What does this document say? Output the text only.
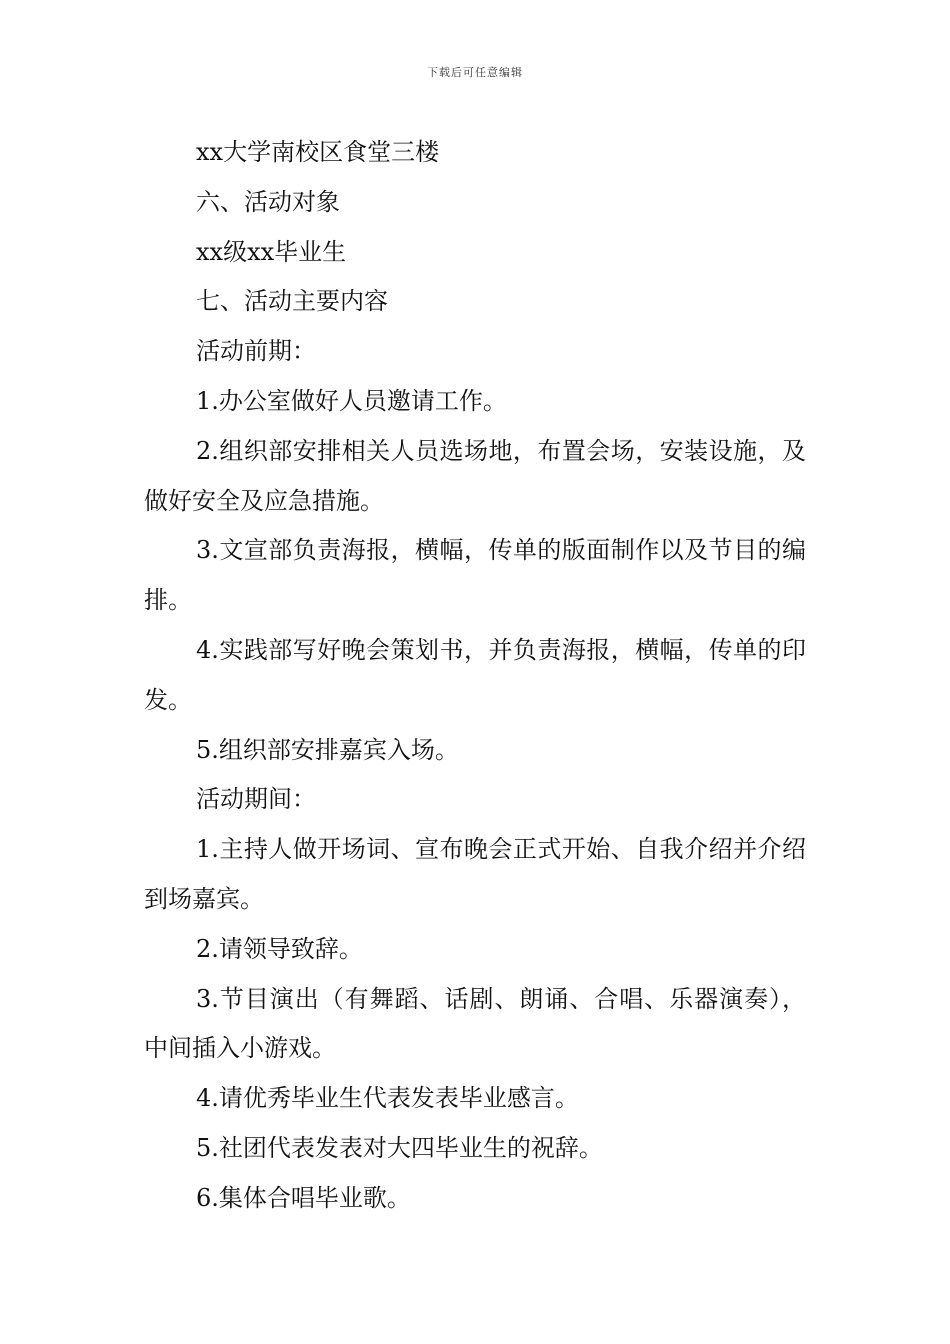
下载后可任意编辑

xx大学南校区食堂三楼

六、活动对象

xx级xx毕业生

七、活动主要内容

活动前期：

1.办公室做好人员邀请工作。

2.组织部安排相关人员选场地，布置会场，安装设施，及做好安全及应急措施。

3.文宣部负责海报，横幅，传单的版面制作以及节目的编排。

4.实践部写好晚会策划书，并负责海报，横幅，传单的印发。

5.组织部安排嘉宾入场。

活动期间：

1.主持人做开场词、宣布晚会正式开始、自我介绍并介绍到场嘉宾。

2.请领导致辞。

3.节目演出（有舞蹈、话剧、朗诵、合唱、乐器演奏），中间插入小游戏。

4.请优秀毕业生代表发表毕业感言。

5.社团代表发表对大四毕业生的祝辞。

6.集体合唱毕业歌。
